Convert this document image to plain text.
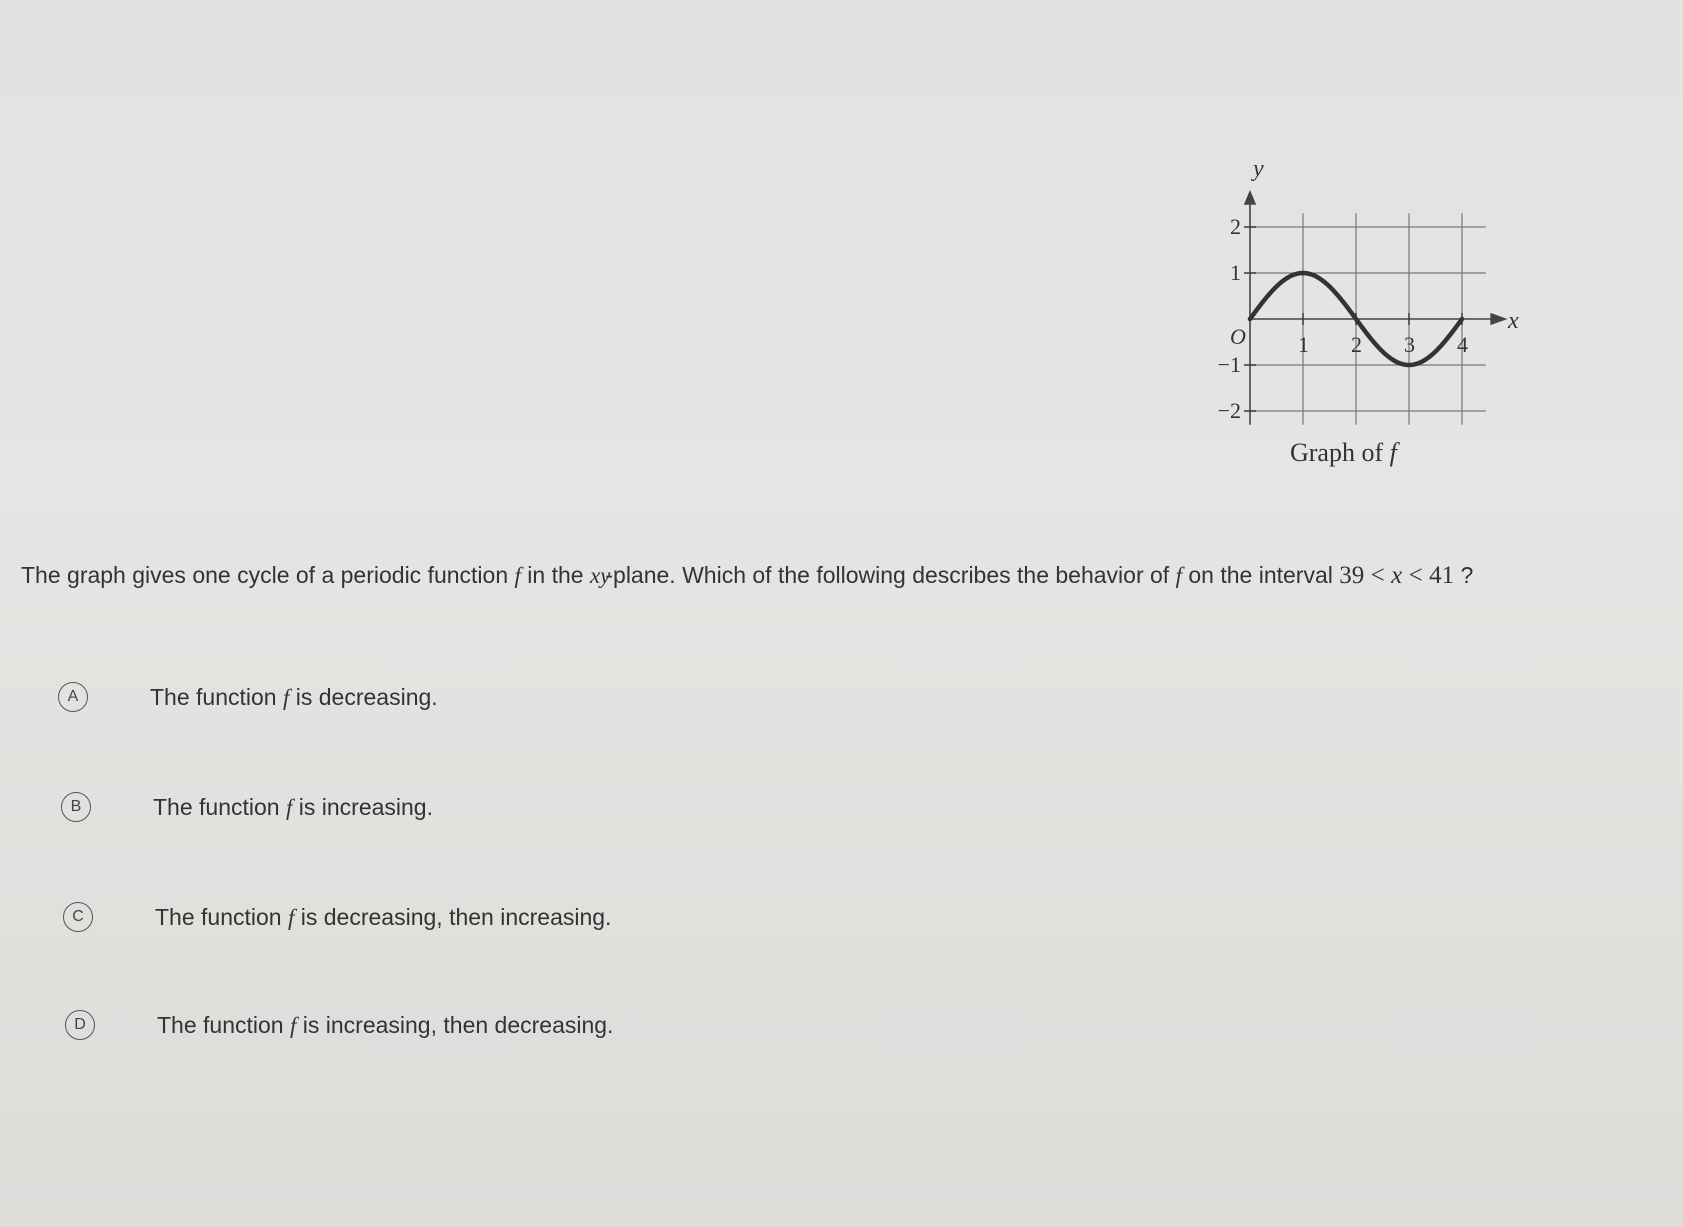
2
1
−1
−2
1 2 3 4
y
x
O
Graph of f
The graph gives one cycle of a periodic function f in the xy-plane. Which of the following describes the behavior of f on the interval 39 < x < 41 ?
A	The function f is decreasing.
B	The function f is increasing.
C	The function f is decreasing, then increasing.
D	The function f is increasing, then decreasing.
